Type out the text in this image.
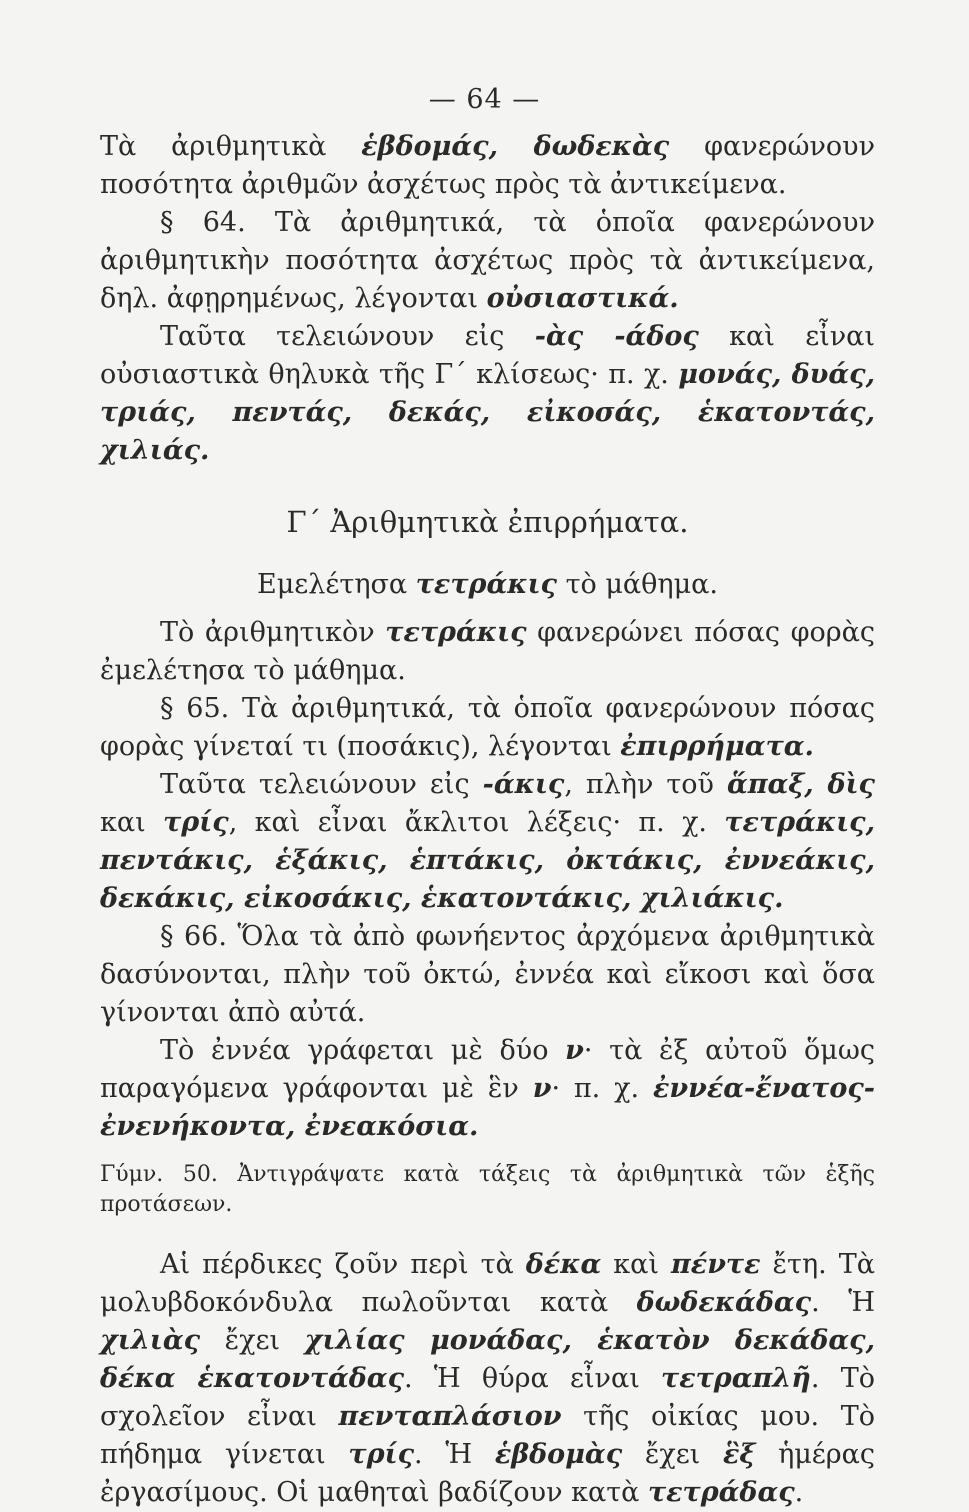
— 64 —

Τὰ ἀριθμητικὰ ἑβδομάς, δωδεκὰς φανερώνουν ποσότητα ἀριθμῶν ἀσχέτως πρὸς τὰ ἀντικείμενα.

§ 64. Τὰ ἀριθμητικά, τὰ ὁποῖα φανερώνουν ἀριθμητικὴν ποσότητα ἀσχέτως πρὸς τὰ ἀντικείμενα, δηλ. ἀφῃρημένως, λέγονται οὐσιαστικά.

Ταῦτα τελειώνουν εἰς -ὰς -άδος καὶ εἶναι οὐσιαστικὰ θηλυκὰ τῆς Γ΄ κλίσεως· π. χ. μονάς, δυάς, τριάς, πεντάς, δεκάς, εἰκοσάς, ἑκατοντάς, χιλιάς.

Γ΄ Ἀριθμητικὰ ἐπιρρήματα.

Εμελέτησα τετράκις τὸ μάθημα.

Τὸ ἀριθμητικὸν τετράκις φανερώνει πόσας φορὰς ἐμελέτησα τὸ μάθημα.

§ 65. Τὰ ἀριθμητικά, τὰ ὁποῖα φανερώνουν πόσας φορὰς γίνεταί τι (ποσάκις), λέγονται ἐπιρρήματα.

Ταῦτα τελειώνουν εἰς -άκις, πλὴν τοῦ ἅπαξ, δὶς και τρίς, καὶ εἶναι ἄκλιτοι λέξεις· π. χ. τετράκις, πεντάκις, ἑξάκις, ἑπτάκις, ὀκτάκις, ἐννεάκις, δεκάκις, εἰκοσάκις, ἑκατοντάκις, χιλιάκις.

§ 66. Ὅλα τὰ ἀπὸ φωνήεντος ἀρχόμενα ἀριθμητικὰ δασύνονται, πλὴν τοῦ ὀκτώ, ἐννέα καὶ εἴκοσι καὶ ὅσα γίνονται ἀπὸ αὐτά.

Τὸ ἐννέα γράφεται μὲ δύο ν· τὰ ἐξ αὐτοῦ ὅμως παραγόμενα γράφονται μὲ ἓν ν· π. χ. ἐννέα-ἔνατος-ἐνενήκοντα, ἐνεακόσια.

Γύμν. 50. Ἀντιγράψατε κατὰ τάξεις τὰ ἀριθμητικὰ τῶν ἑξῆς προτάσεων.

Αἱ πέρδικες ζοῦν περὶ τὰ δέκα καὶ πέντε ἔτη. Τὰ μολυβδοκόνδυλα πωλοῦνται κατὰ δωδεκάδας. Ἡ χιλιὰς ἔχει χιλίας μονάδας, ἑκατὸν δεκάδας, δέκα ἑκατοντάδας. Ἡ θύρα εἶναι τετραπλῆ. Τὸ σχολεῖον εἶναι πενταπλάσιον τῆς οἰκίας μου. Τὸ πήδημα γίνεται τρίς. Ἡ ἑβδομὰς ἔχει ἓξ ἡμέρας ἐργασίμους. Οἱ μαθηταὶ βαδίζουν κατὰ τετράδας.
